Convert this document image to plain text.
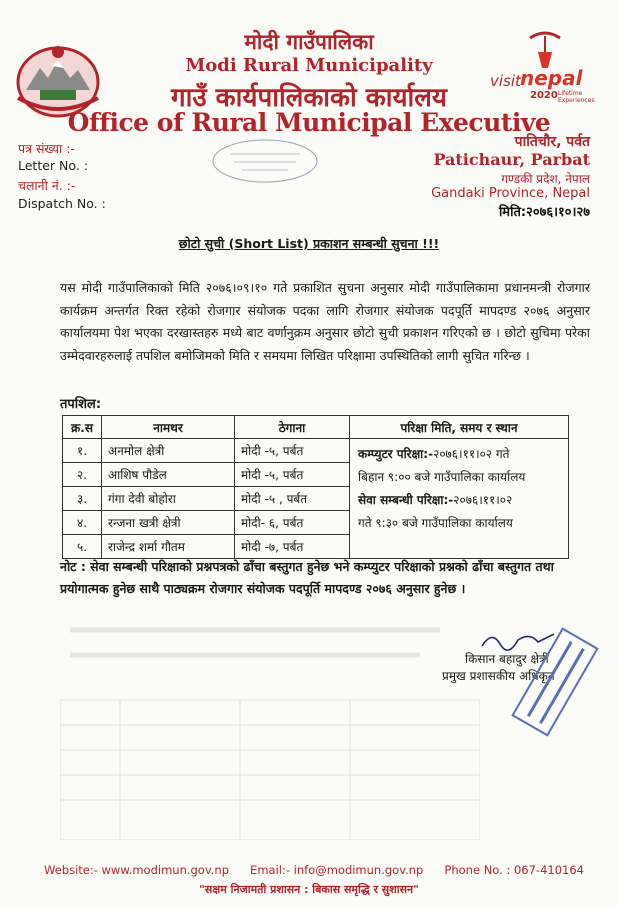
visit nepal
2020 Lifetime Experiences
मोदी गाउँपालिका
Modi Rural Municipality
गाउँ कार्यपालिकाको कार्यालय
Office of Rural Municipal Executive
पत्र संख्या :-
Letter No. :
चलानी नं. :-
Dispatch No. :
पातिचौर, पर्वत
Patichaur, Parbat
गण्डकी प्रदेश, नेपाल
Gandaki Province, Nepal
मिति:२०७६।१०।२७
छोटो सुची (Short List) प्रकाशन सम्बन्धी सुचना !!!
यस मोदी गाउँपालिकाको मिति २०७६।०९।१० गते प्रकाशित सुचना अनुसार मोदी गाउँपालिकामा प्रधानमन्त्री रोजगार कार्यक्रम अन्तर्गत रिक्त रहेको रोजगार संयोजक पदका लागि रोजगार संयोजक पदपूर्ति मापदण्ड २०७६ अनुसार कार्यालयमा पेश भएका दरखास्तहरु मध्ये बाट वर्णानुक्रम अनुसार छोटो सुची प्रकाशन गरिएको छ । छोटो सुचिमा परेका उम्मेदवारहरुलाई तपशिल बमोजिमको मिति र समयमा लिखित परिक्षामा उपस्थितिको लागी सुचित गरिन्छ ।
तपशिल:
क्र.स	नामथर	ठेगाना	परिक्षा मिति, समय र स्थान
१.	अनमोल क्षेत्री	मोदी -५, पर्बत	कम्प्युटर परिक्षा:-२०७६।११।०२ गते
बिहान ९:०० बजे गाउँपालिका कार्यालय
सेवा सम्बन्धी परिक्षा:-२०७६।११।०२
गते ९:३० बजे गाउँपालिका कार्यालय

२.	आशिष पौडेल	मोदी -५, पर्बत	
३.	गंगा देवी बोहोरा	मोदी -५ , पर्बत	
४.	रन्जना खत्री क्षेत्री	मोदी- ६, पर्बत	
५.	राजेन्द्र शर्मा गौतम	मोदी -७, पर्बत	
नोट : सेवा सम्बन्धी परिक्षाको प्रश्नपत्रको ढाँचा बस्तुगत हुनेछ भने कम्प्युटर परिक्षाको प्रश्नको ढाँचा बस्तुगत तथा प्रयोगात्मक हुनेछ साथै पाठ्यक्रम रोजगार संयोजक पदपूर्ति मापदण्ड २०७६ अनुसार हुनेछ ।
किसान बहादुर क्षेत्री
प्रमुख प्रशासकीय अधिकृत
Website:- www.modimun.gov.np Email:- info@modimun.gov.np Phone No. : 067-410164
"सक्षम निजामती प्रशासन : बिकास समृद्धि र सुशासन"
